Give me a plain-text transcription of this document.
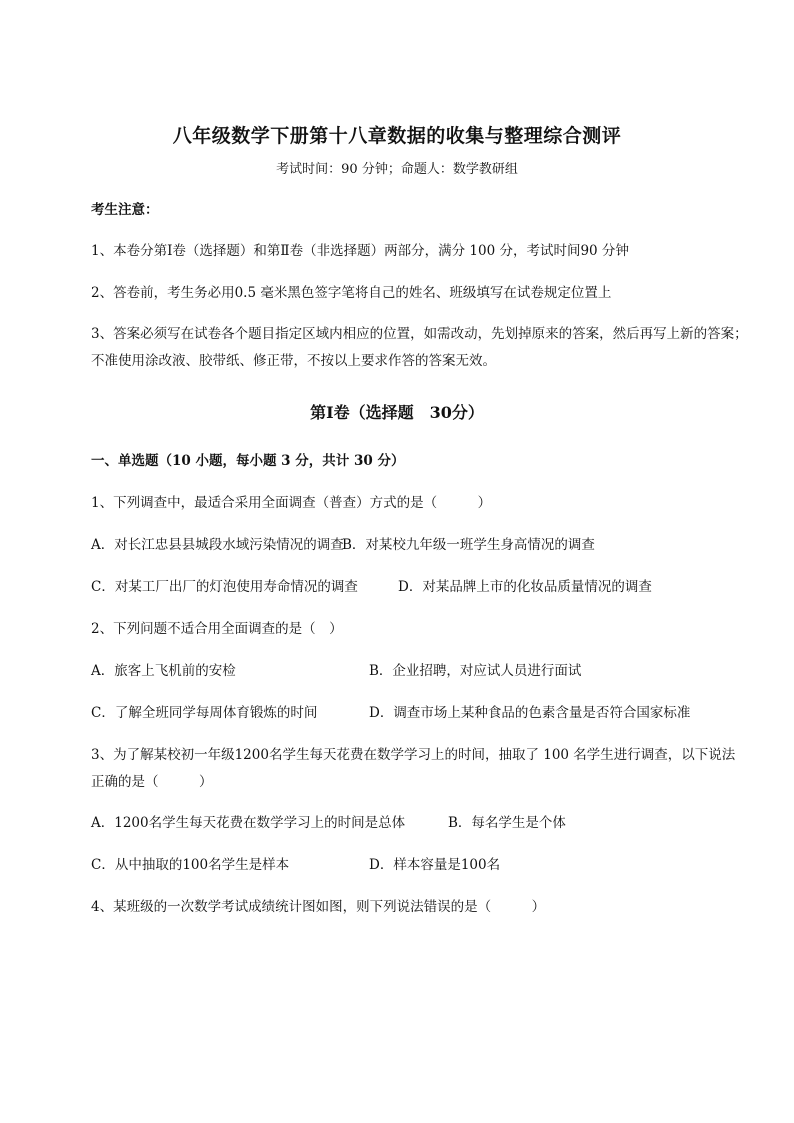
八年级数学下册第十八章数据的收集与整理综合测评
考试时间：90 分钟；命题人：数学教研组
考生注意：
1、本卷分第Ⅰ卷（选择题）和第Ⅱ卷（非选择题）两部分，满分 100 分，考试时间90 分钟
2、答卷前，考生务必用0.5 毫米黑色签字笔将自己的姓名、班级填写在试卷规定位置上
3、答案必须写在试卷各个题目指定区域内相应的位置，如需改动，先划掉原来的答案，然后再写上新的答案；不准使用涂改液、胶带纸、修正带，不按以上要求作答的答案无效。
第Ⅰ卷（选择题　30分）
一、单选题（10 小题，每小题 3 分，共计 30 分）
1、下列调查中，最适合采用全面调查（普查）方式的是（　　　）
A．对长江忠县县城段水域污染情况的调查
B．对某校九年级一班学生身高情况的调查
C．对某工厂出厂的灯泡使用寿命情况的调查	D．对某品牌上市的化妆品质量情况的调查
2、下列问题不适合用全面调查的是（　）
A．旅客上飞机前的安检	B．企业招聘，对应试人员进行面试
C．了解全班同学每周体育锻炼的时间	D．调查市场上某种食品的色素含量是否符合国家标准
3、为了解某校初一年级1200名学生每天花费在数学学习上的时间，抽取了 100 名学生进行调查，以下说法正确的是（　　　）
A．1200名学生每天花费在数学学习上的时间是总体	B．每名学生是个体
C．从中抽取的100名学生是样本	D．样本容量是100名
4、某班级的一次数学考试成绩统计图如图，则下列说法错误的是（　　　）
